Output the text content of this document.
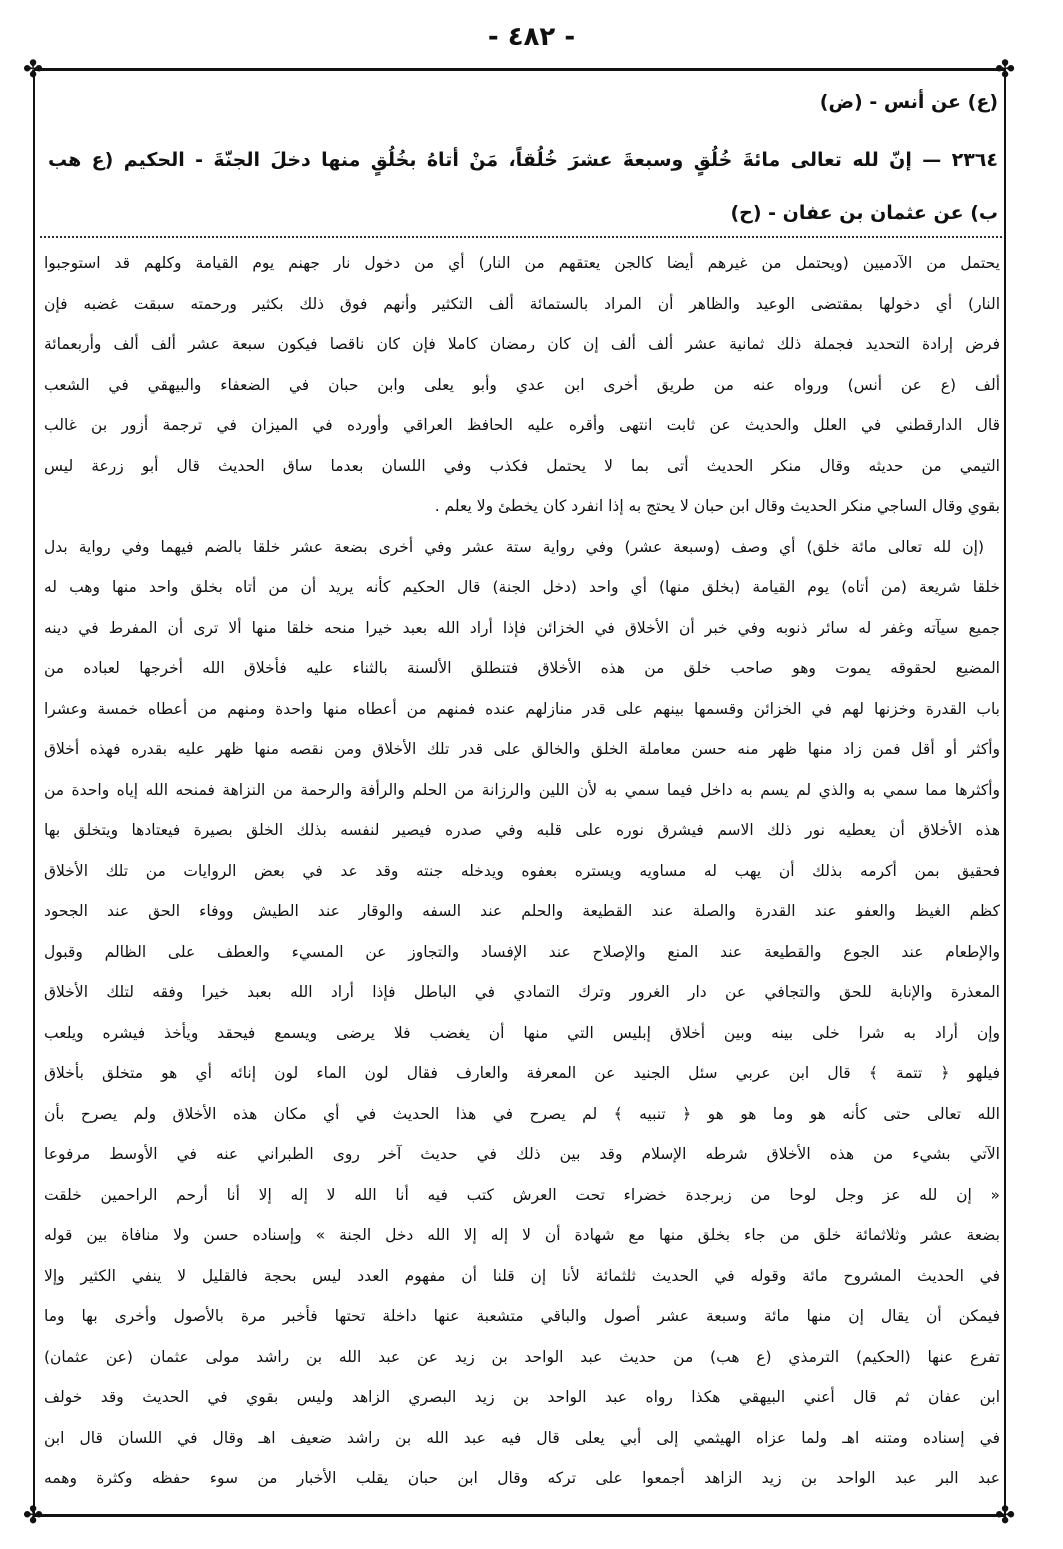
- ٤٨٢ -
✤	✤
✤	✤
(ع) عن أنس - (ض)
٢٣٦٤ — إنّ لله تعالى مائةَ خُلُقٍ وسبعةَ عشرَ خُلُقاً، مَنْ أتاهُ بخُلُقٍ منها دخلَ الجنّةَ - الحكيم (ع هب
ب) عن عثمان بن عفان - (ح)
يحتمل من الآدميين (ويحتمل من غيرهم أيضا كالجن يعتقهم من النار) أي من دخول نار جهنم يوم القيامة وكلهم قد استوجبوا
النار) أي دخولها بمقتضى الوعيد والظاهر أن المراد بالستمائة ألف التكثير وأنهم فوق ذلك بكثير ورحمته سبقت غضبه فإن
فرض إرادة التحديد فجملة ذلك ثمانية عشر ألف ألف إن كان رمضان كاملا فإن كان ناقصا فيكون سبعة عشر ألف ألف وأربعمائة
ألف (ع عن أنس) ورواه عنه من طريق أخرى ابن عدي وأبو يعلى وابن حبان في الضعفاء والبيهقي في الشعب
قال الدارقطني في العلل والحديث عن ثابت انتهى وأقره عليه الحافظ العراقي وأورده في الميزان في ترجمة أزور بن غالب
التيمي من حديثه وقال منكر الحديث أتى بما لا يحتمل فكذب وفي اللسان بعدما ساق الحديث قال أبو زرعة ليس
بقوي وقال الساجي منكر الحديث وقال ابن حبان لا يحتج به إذا انفرد كان يخطئ ولا يعلم .
(إن لله تعالى مائة خلق) أي وصف (وسبعة عشر) وفي رواية ستة عشر وفي أخرى بضعة عشر خلقا بالضم فيهما وفي رواية بدل
خلقا شريعة (من أتاه) يوم القيامة (بخلق منها) أي واحد (دخل الجنة) قال الحكيم كأنه يريد أن من أتاه بخلق واحد منها وهب له
جميع سيآته وغفر له سائر ذنوبه وفي خبر أن الأخلاق في الخزائن فإذا أراد الله بعبد خيرا منحه خلقا منها ألا ترى أن المفرط في دينه
المضيع لحقوقه يموت وهو صاحب خلق من هذه الأخلاق فتنطلق الألسنة بالثناء عليه فأخلاق الله أخرجها لعباده من
باب القدرة وخزنها لهم في الخزائن وقسمها بينهم على قدر منازلهم عنده فمنهم من أعطاه منها واحدة ومنهم من أعطاه خمسة وعشرا
وأكثر أو أقل فمن زاد منها ظهر منه حسن معاملة الخلق والخالق على قدر تلك الأخلاق ومن نقصه منها ظهر عليه بقدره فهذه أخلاق
وأكثرها مما سمي به والذي لم يسم به داخل فيما سمي به لأن اللين والرزانة من الحلم والرأفة والرحمة من النزاهة فمنحه الله إياه واحدة من
هذه الأخلاق أن يعطيه نور ذلك الاسم فيشرق نوره على قلبه وفي صدره فيصير لنفسه بذلك الخلق بصيرة فيعتادها ويتخلق بها
فحقيق بمن أكرمه بذلك أن يهب له مساويه ويستره بعفوه ويدخله جنته وقد عد في بعض الروايات من تلك الأخلاق
كظم الغيظ والعفو عند القدرة والصلة عند القطيعة والحلم عند السفه والوقار عند الطيش ووفاء الحق عند الجحود
والإطعام عند الجوع والقطيعة عند المنع والإصلاح عند الإفساد والتجاوز عن المسيء والعطف على الظالم وقبول
المعذرة والإنابة للحق والتجافي عن دار الغرور وترك التمادي في الباطل فإذا أراد الله بعبد خيرا وفقه لتلك الأخلاق
وإن أراد به شرا خلى بينه وبين أخلاق إبليس التي منها أن يغضب فلا يرضى ويسمع فيحقد ويأخذ فيشره ويلعب
فيلهو ﴿ تتمة ﴾ قال ابن عربي سئل الجنيد عن المعرفة والعارف فقال لون الماء لون إنائه أي هو متخلق بأخلاق
الله تعالى حتى كأنه هو وما هو هو ﴿ تنبيه ﴾ لم يصرح في هذا الحديث في أي مكان هذه الأخلاق ولم يصرح بأن
الآتي بشيء من هذه الأخلاق شرطه الإسلام وقد بين ذلك في حديث آخر روى الطبراني عنه في الأوسط مرفوعا
« إن لله عز وجل لوحا من زبرجدة خضراء تحت العرش كتب فيه أنا الله لا إله إلا أنا أرحم الراحمين خلقت
بضعة عشر وثلاثمائة خلق من جاء بخلق منها مع شهادة أن لا إله إلا الله دخل الجنة » وإسناده حسن ولا منافاة بين قوله
في الحديث المشروح مائة وقوله في الحديث ثلثمائة لأنا إن قلنا أن مفهوم العدد ليس بحجة فالقليل لا ينفي الكثير وإلا
فيمكن أن يقال إن منها مائة وسبعة عشر أصول والباقي متشعبة عنها داخلة تحتها فأخبر مرة بالأصول وأخرى بها وما
تفرع عنها (الحكيم) الترمذي (ع هب) من حديث عبد الواحد بن زيد عن عبد الله بن راشد مولى عثمان (عن عثمان)
ابن عفان ثم قال أعني البيهقي هكذا رواه عبد الواحد بن زيد البصري الزاهد وليس بقوي في الحديث وقد خولف
في إسناده ومتنه اهـ ولما عزاه الهيثمي إلى أبي يعلى قال فيه عبد الله بن راشد ضعيف اهـ وقال في اللسان قال ابن
عبد البر عبد الواحد بن زيد الزاهد أجمعوا على تركه وقال ابن حبان يقلب الأخبار من سوء حفظه وكثرة وهمه
